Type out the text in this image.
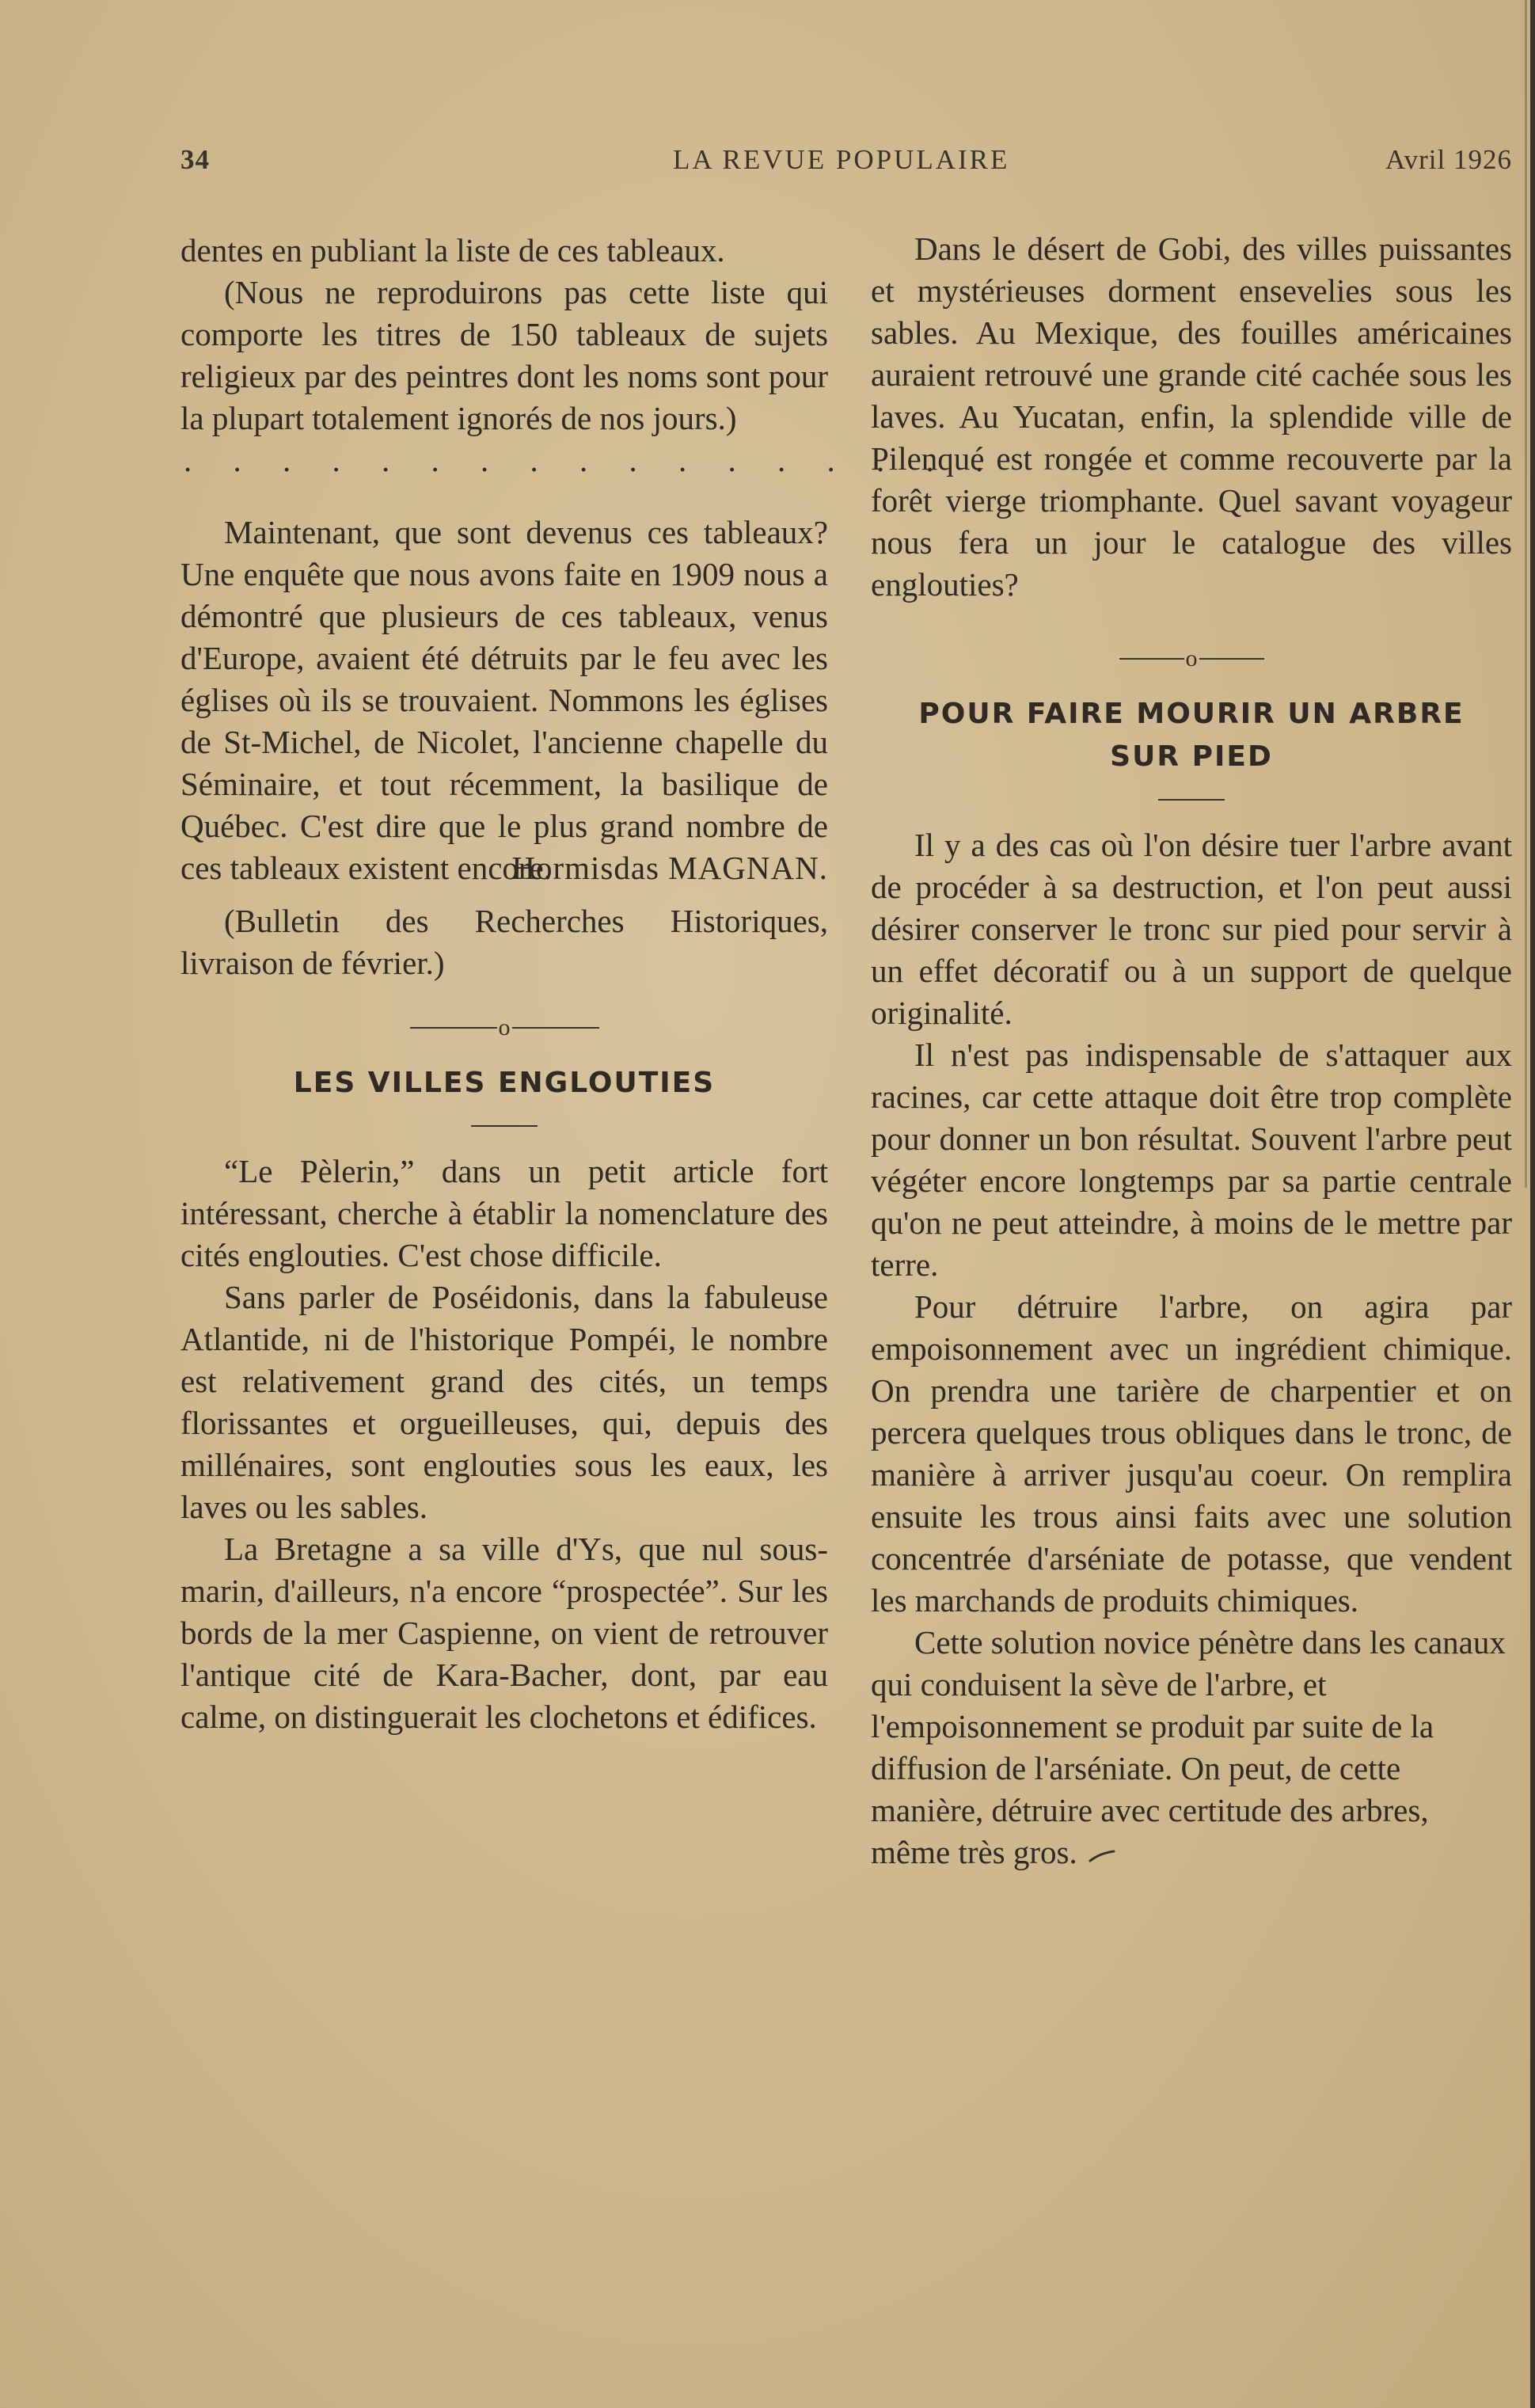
34	LA REVUE POPULAIRE	Avril 1926

dentes en publiant la liste de ces tableaux.

(Nous ne reproduirons pas cette liste qui comporte les titres de 150 tableaux de sujets religieux par des peintres dont les noms sont pour la plupart totalement ignorés de nos jours.)

. . . . . . . . . . . . . . . . .

Maintenant, que sont devenus ces tableaux? Une enquête que nous avons faite en 1909 nous a démontré que plusieurs de ces tableaux, venus d'Europe, avaient été détruits par le feu avec les églises où ils se trouvaient. Nommons les églises de St-Michel, de Nicolet, l'ancienne chapelle du Séminaire, et tout récemment, la basilique de Québec. C'est dire que le plus grand nombre de ces tableaux existent encore.

Hormisdas MAGNAN.

(Bulletin des Recherches Historiques, livraison de février.)

o
LES VILLES ENGLOUTIES

“Le Pèlerin,” dans un petit article fort intéressant, cherche à établir la nomenclature des cités englouties. C'est chose difficile.

Sans parler de Poséidonis, dans la fabuleuse Atlantide, ni de l'historique Pompéi, le nombre est relativement grand des cités, un temps florissantes et orgueilleuses, qui, depuis des millénaires, sont englouties sous les eaux, les laves ou les sables.

La Bretagne a sa ville d'Ys, que nul sous-marin, d'ailleurs, n'a encore “prospectée”. Sur les bords de la mer Caspienne, on vient de retrouver l'antique cité de Kara-Bacher, dont, par eau calme, on distinguerait les clochetons et édifices.

Dans le désert de Gobi, des villes puissantes et mystérieuses dorment ensevelies sous les sables. Au Mexique, des fouilles américaines auraient retrouvé une grande cité cachée sous les laves. Au Yucatan, enfin, la splendide ville de Pilenqué est rongée et comme recouverte par la forêt vierge triomphante. Quel savant voyageur nous fera un jour le catalogue des villes englouties?

o
POUR FAIRE MOURIR UN ARBRE
SUR PIED

Il y a des cas où l'on désire tuer l'arbre avant de procéder à sa destruction, et l'on peut aussi désirer conserver le tronc sur pied pour servir à un effet décoratif ou à un support de quelque originalité.

Il n'est pas indispensable de s'attaquer aux racines, car cette attaque doit être trop complète pour donner un bon résultat. Souvent l'arbre peut végéter encore longtemps par sa partie centrale qu'on ne peut atteindre, à moins de le mettre par terre.

Pour détruire l'arbre, on agira par empoisonnement avec un ingrédient chimique. On prendra une tarière de charpentier et on percera quelques trous obliques dans le tronc, de manière à arriver jusqu'au coeur. On remplira ensuite les trous ainsi faits avec une solution concentrée d'arséniate de potasse, que vendent les marchands de produits chimiques.

Cette solution novice pénètre dans les canaux qui conduisent la sève de l'arbre, et l'empoisonnement se produit par suite de la diffusion de l'arséniate. On peut, de cette manière, détruire avec certitude des arbres, même très gros.
